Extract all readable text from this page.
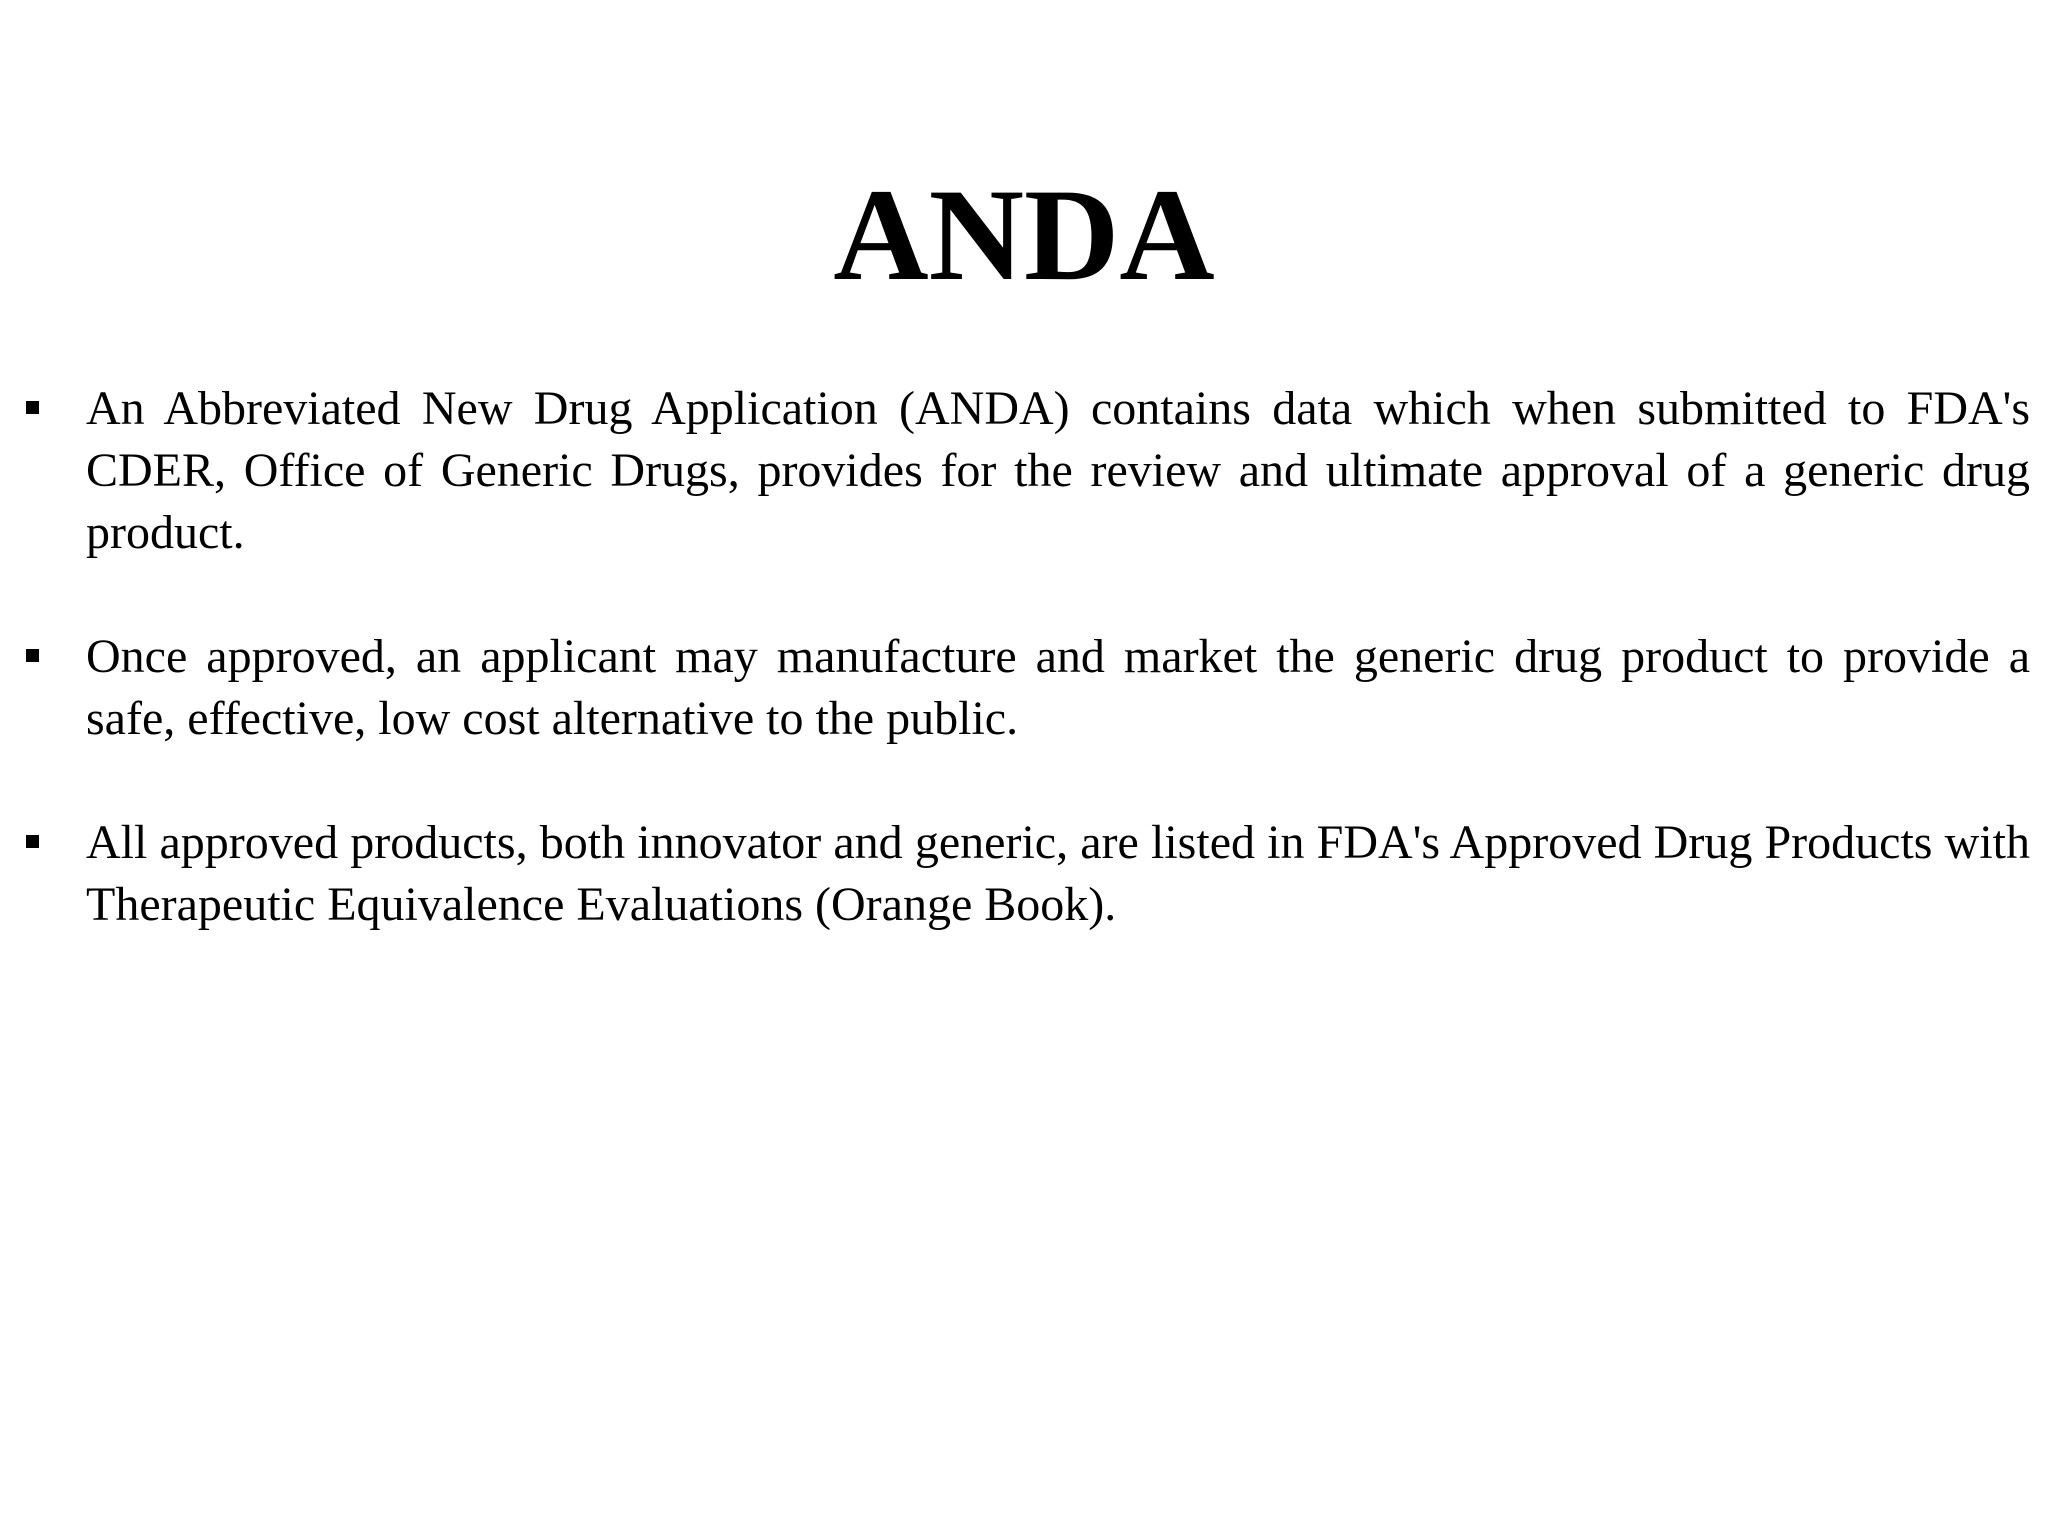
ANDA
An Abbreviated New Drug Application (ANDA) contains data which when submitted to FDA's CDER, Office of Generic Drugs, provides for the review and ultimate approval of a generic drug product.
Once approved, an applicant may manufacture and market the generic drug product to provide a safe, effective, low cost alternative to the public.
All approved products, both innovator and generic, are listed in FDA's Approved Drug Products with Therapeutic Equivalence Evaluations (Orange Book).
